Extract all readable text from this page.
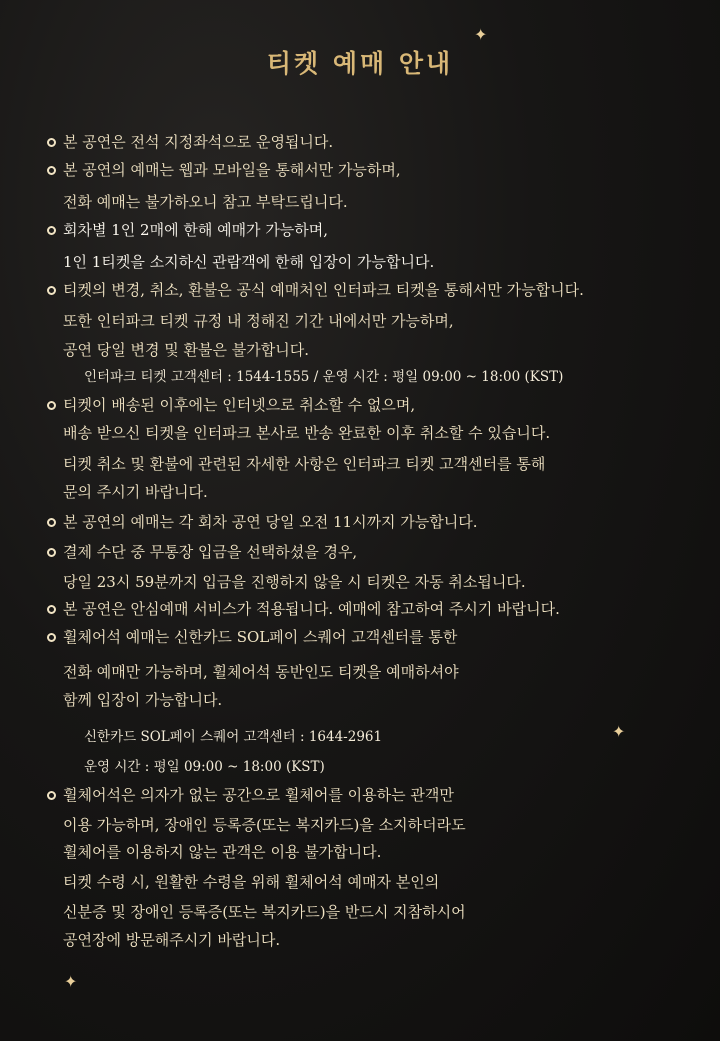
티켓 예매 안내
✦
✦
✦
본 공연은 전석 지정좌석으로 운영됩니다.
본 공연의 예매는 웹과 모바일을 통해서만 가능하며,
전화 예매는 불가하오니 참고 부탁드립니다.
회차별 1인 2매에 한해 예매가 가능하며,
1인 1티켓을 소지하신 관람객에 한해 입장이 가능합니다.
티켓의 변경, 취소, 환불은 공식 예매처인 인터파크 티켓을 통해서만 가능합니다.
또한 인터파크 티켓 규정 내 정해진 기간 내에서만 가능하며,
공연 당일 변경 및 환불은 불가합니다.
인터파크 티켓 고객센터 : 1544-1555 / 운영 시간 : 평일 09:00 ~ 18:00 (KST)
티켓이 배송된 이후에는 인터넷으로 취소할 수 없으며,
배송 받으신 티켓을 인터파크 본사로 반송 완료한 이후 취소할 수 있습니다.
티켓 취소 및 환불에 관련된 자세한 사항은 인터파크 티켓 고객센터를 통해
문의 주시기 바랍니다.
본 공연의 예매는 각 회차 공연 당일 오전 11시까지 가능합니다.
결제 수단 중 무통장 입금을 선택하셨을 경우,
당일 23시 59분까지 입금을 진행하지 않을 시 티켓은 자동 취소됩니다.
본 공연은 안심예매 서비스가 적용됩니다. 예매에 참고하여 주시기 바랍니다.
휠체어석 예매는 신한카드 SOL페이 스퀘어 고객센터를 통한
전화 예매만 가능하며, 휠체어석 동반인도 티켓을 예매하셔야
함께 입장이 가능합니다.
신한카드 SOL페이 스퀘어 고객센터 : 1644-2961
운영 시간 : 평일 09:00 ~ 18:00 (KST)
휠체어석은 의자가 없는 공간으로 휠체어를 이용하는 관객만
이용 가능하며, 장애인 등록증(또는 복지카드)을 소지하더라도
휠체어를 이용하지 않는 관객은 이용 불가합니다.
티켓 수령 시, 원활한 수령을 위해 휠체어석 예매자 본인의
신분증 및 장애인 등록증(또는 복지카드)을 반드시 지참하시어
공연장에 방문해주시기 바랍니다.
